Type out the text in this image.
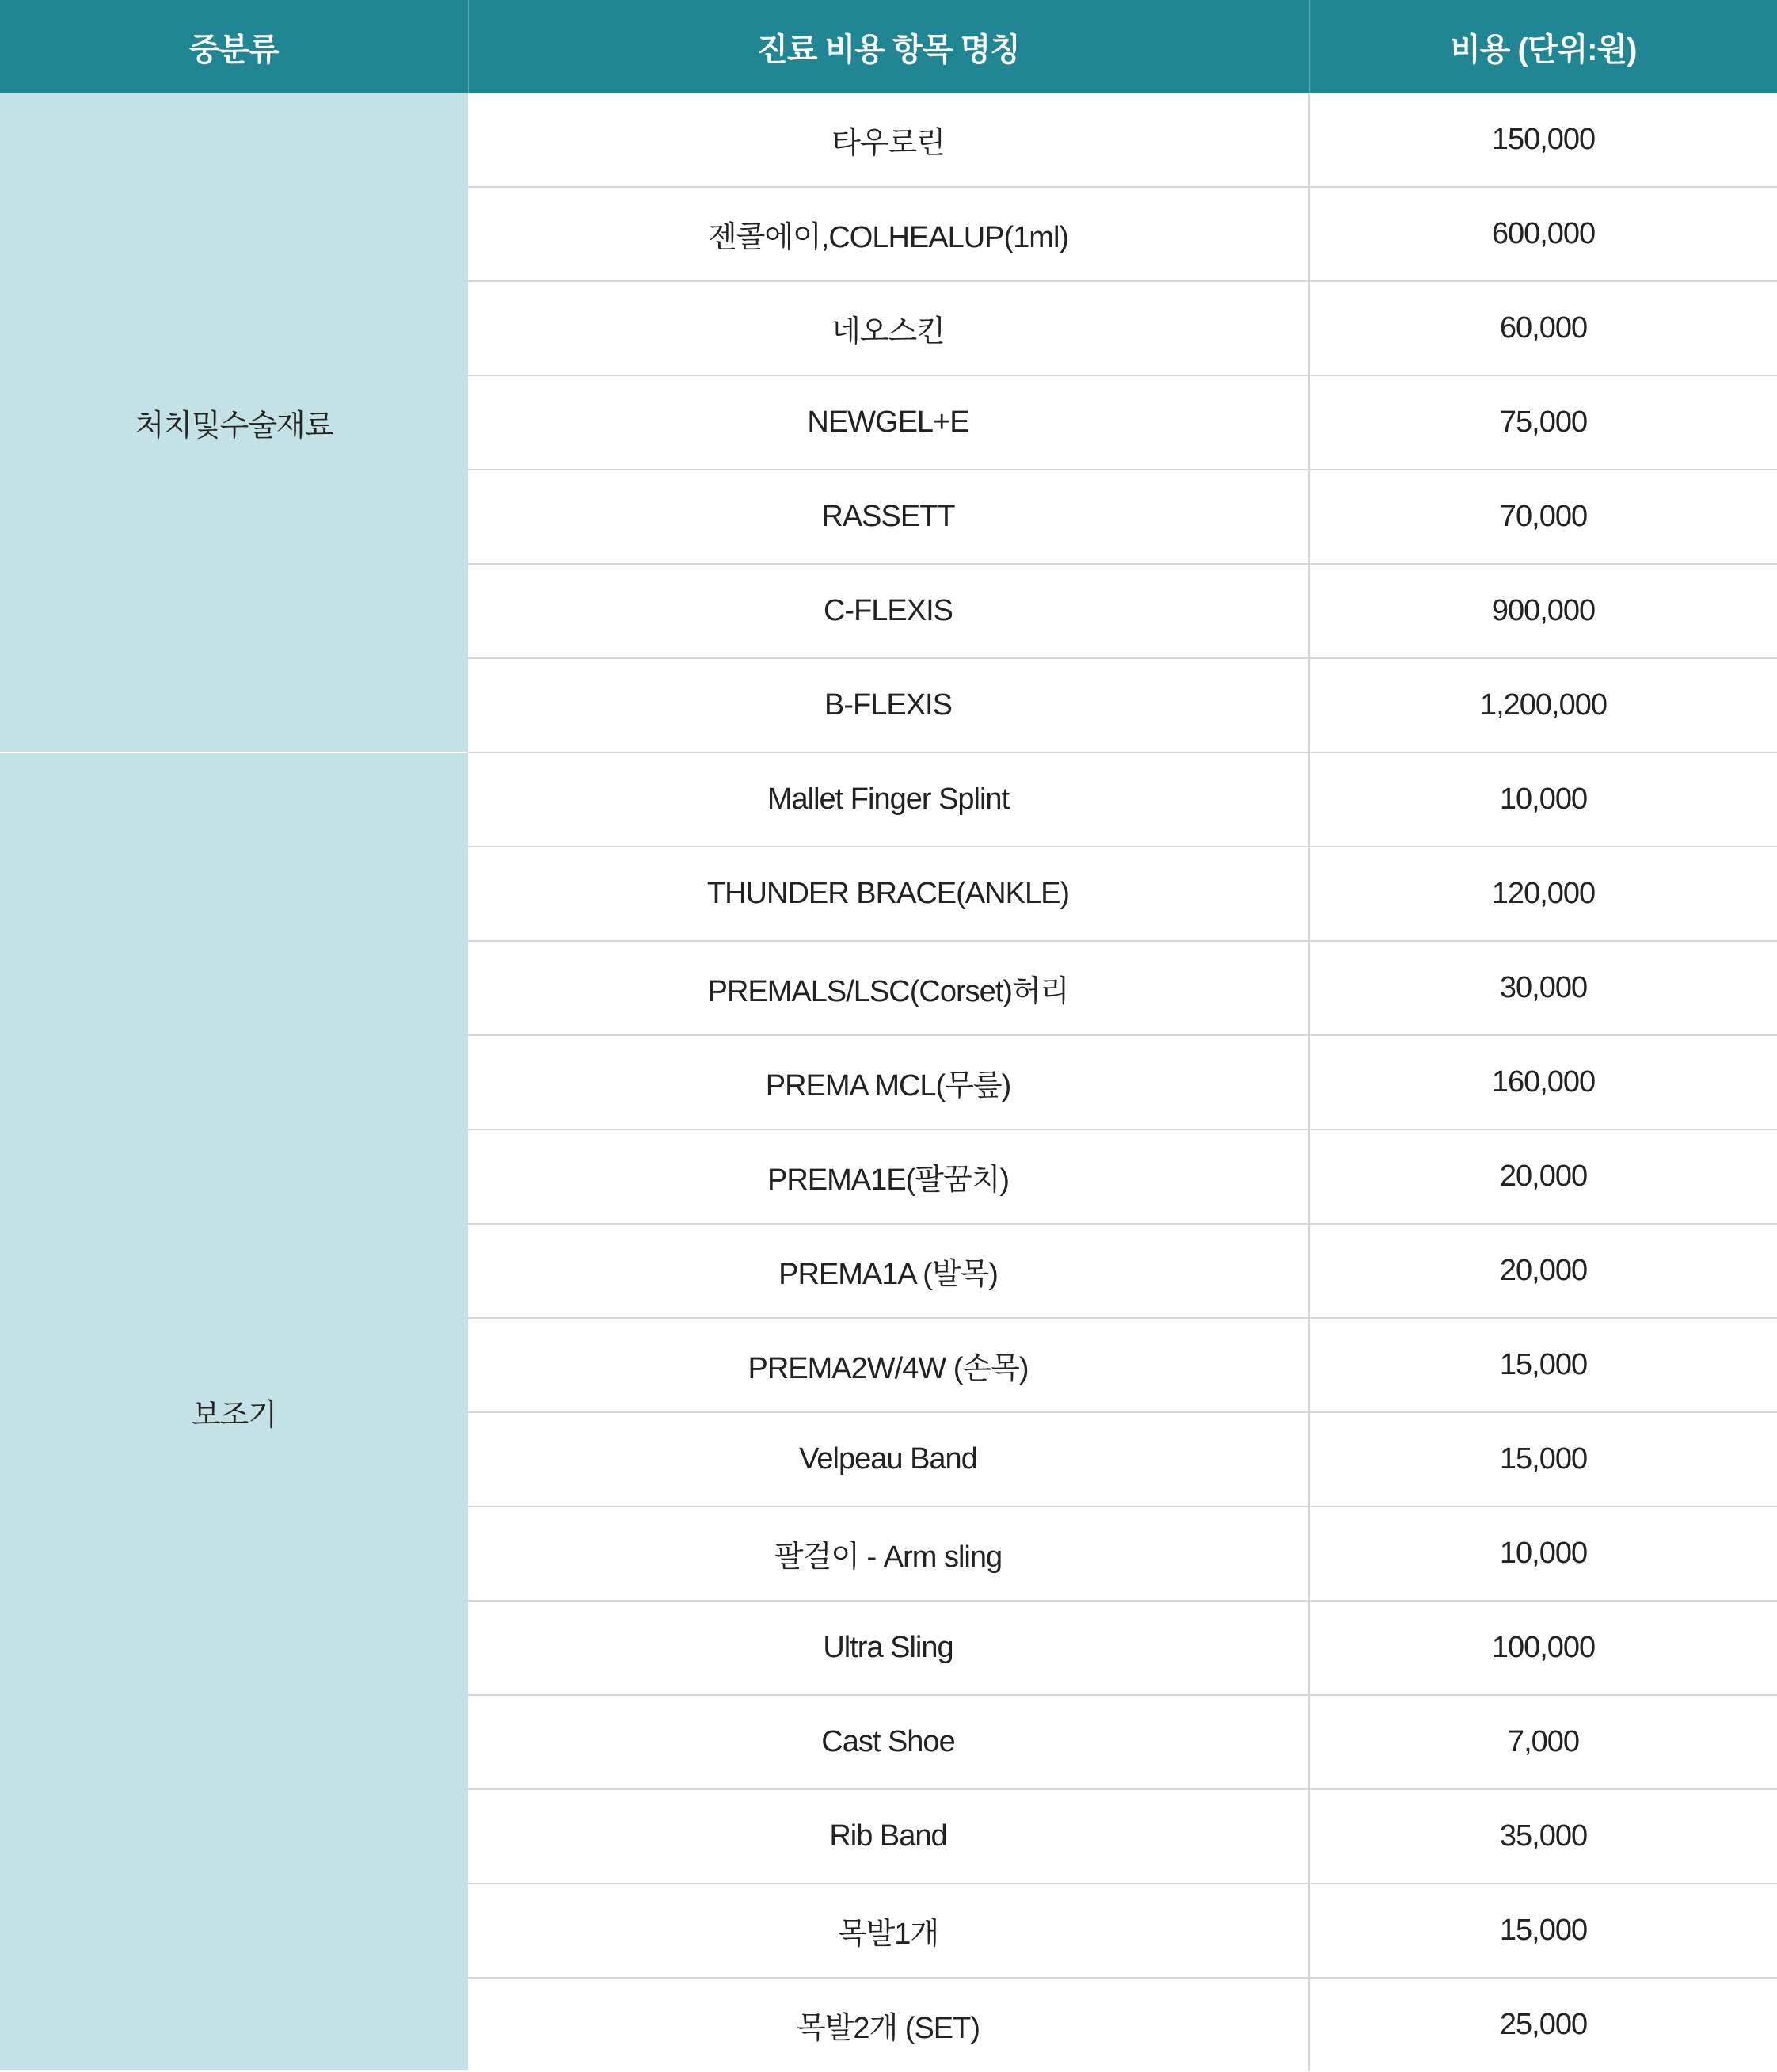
중분류	진료 비용 항목 명칭	비용 (단위:원)
처치및수술재료	타우로린	150,000
	젠콜에이,COLHEALUP(1ml)	600,000
	네오스킨	60,000
	NEWGEL+E	75,000
	RASSETT	70,000
	C-FLEXIS	900,000
	B-FLEXIS	1,200,000
보조기	Mallet Finger Splint	10,000
	THUNDER BRACE(ANKLE)	120,000
	PREMALS/LSC(Corset)허리	30,000
	PREMA MCL(무릎)	160,000
	PREMA1E(팔꿈치)	20,000
	PREMA1A (발목)	20,000
	PREMA2W/4W (손목)	15,000
	Velpeau Band	15,000
	팔걸이 - Arm sling	10,000
	Ultra Sling	100,000
	Cast Shoe	7,000
	Rib Band	35,000
	목발1개	15,000
	목발2개 (SET)	25,000
